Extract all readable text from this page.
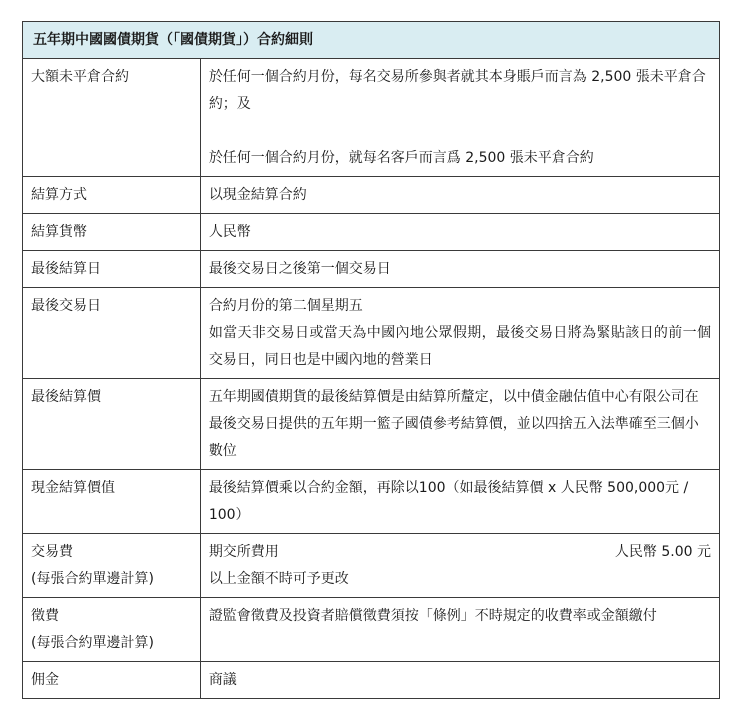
五年期中國國債期貨（「國債期貨」）合約細則	
大額未平倉合約	於任何一個合約月份，每名交易所參與者就其本身賬戶而言為 2,500 張未平倉合約；及
於任何一個合約月份，就每名客戶而言爲 2,500 張未平倉合約

結算方式	以現金結算合約
結算貨幣	人民幣
最後結算日	最後交易日之後第一個交易日
最後交易日	合約月份的第二個星期五
如當天非交易日或當天為中國內地公眾假期，最後交易日將為緊貼該日的前一個交易日，同日也是中國內地的營業日

最後結算價	五年期國債期貨的最後結算價是由結算所釐定，以中債金融估值中心有限公司在最後交易日提供的五年期一籃子國債參考結算價，並以四捨五入法準確至三個小數位
現金結算價值	最後結算價乘以合約金額，再除以100（如最後結算價 x 人民幣 500,000元 / 100）

交易費
(每張合約單邊計算)	期交所費用 人民幣 5.00 元
以上金額不時可予更改

徵費
(每張合約單邊計算)	證監會徵費及投資者賠償徵費須按「條例」不時規定的收費率或金額繳付
佣金	商議
